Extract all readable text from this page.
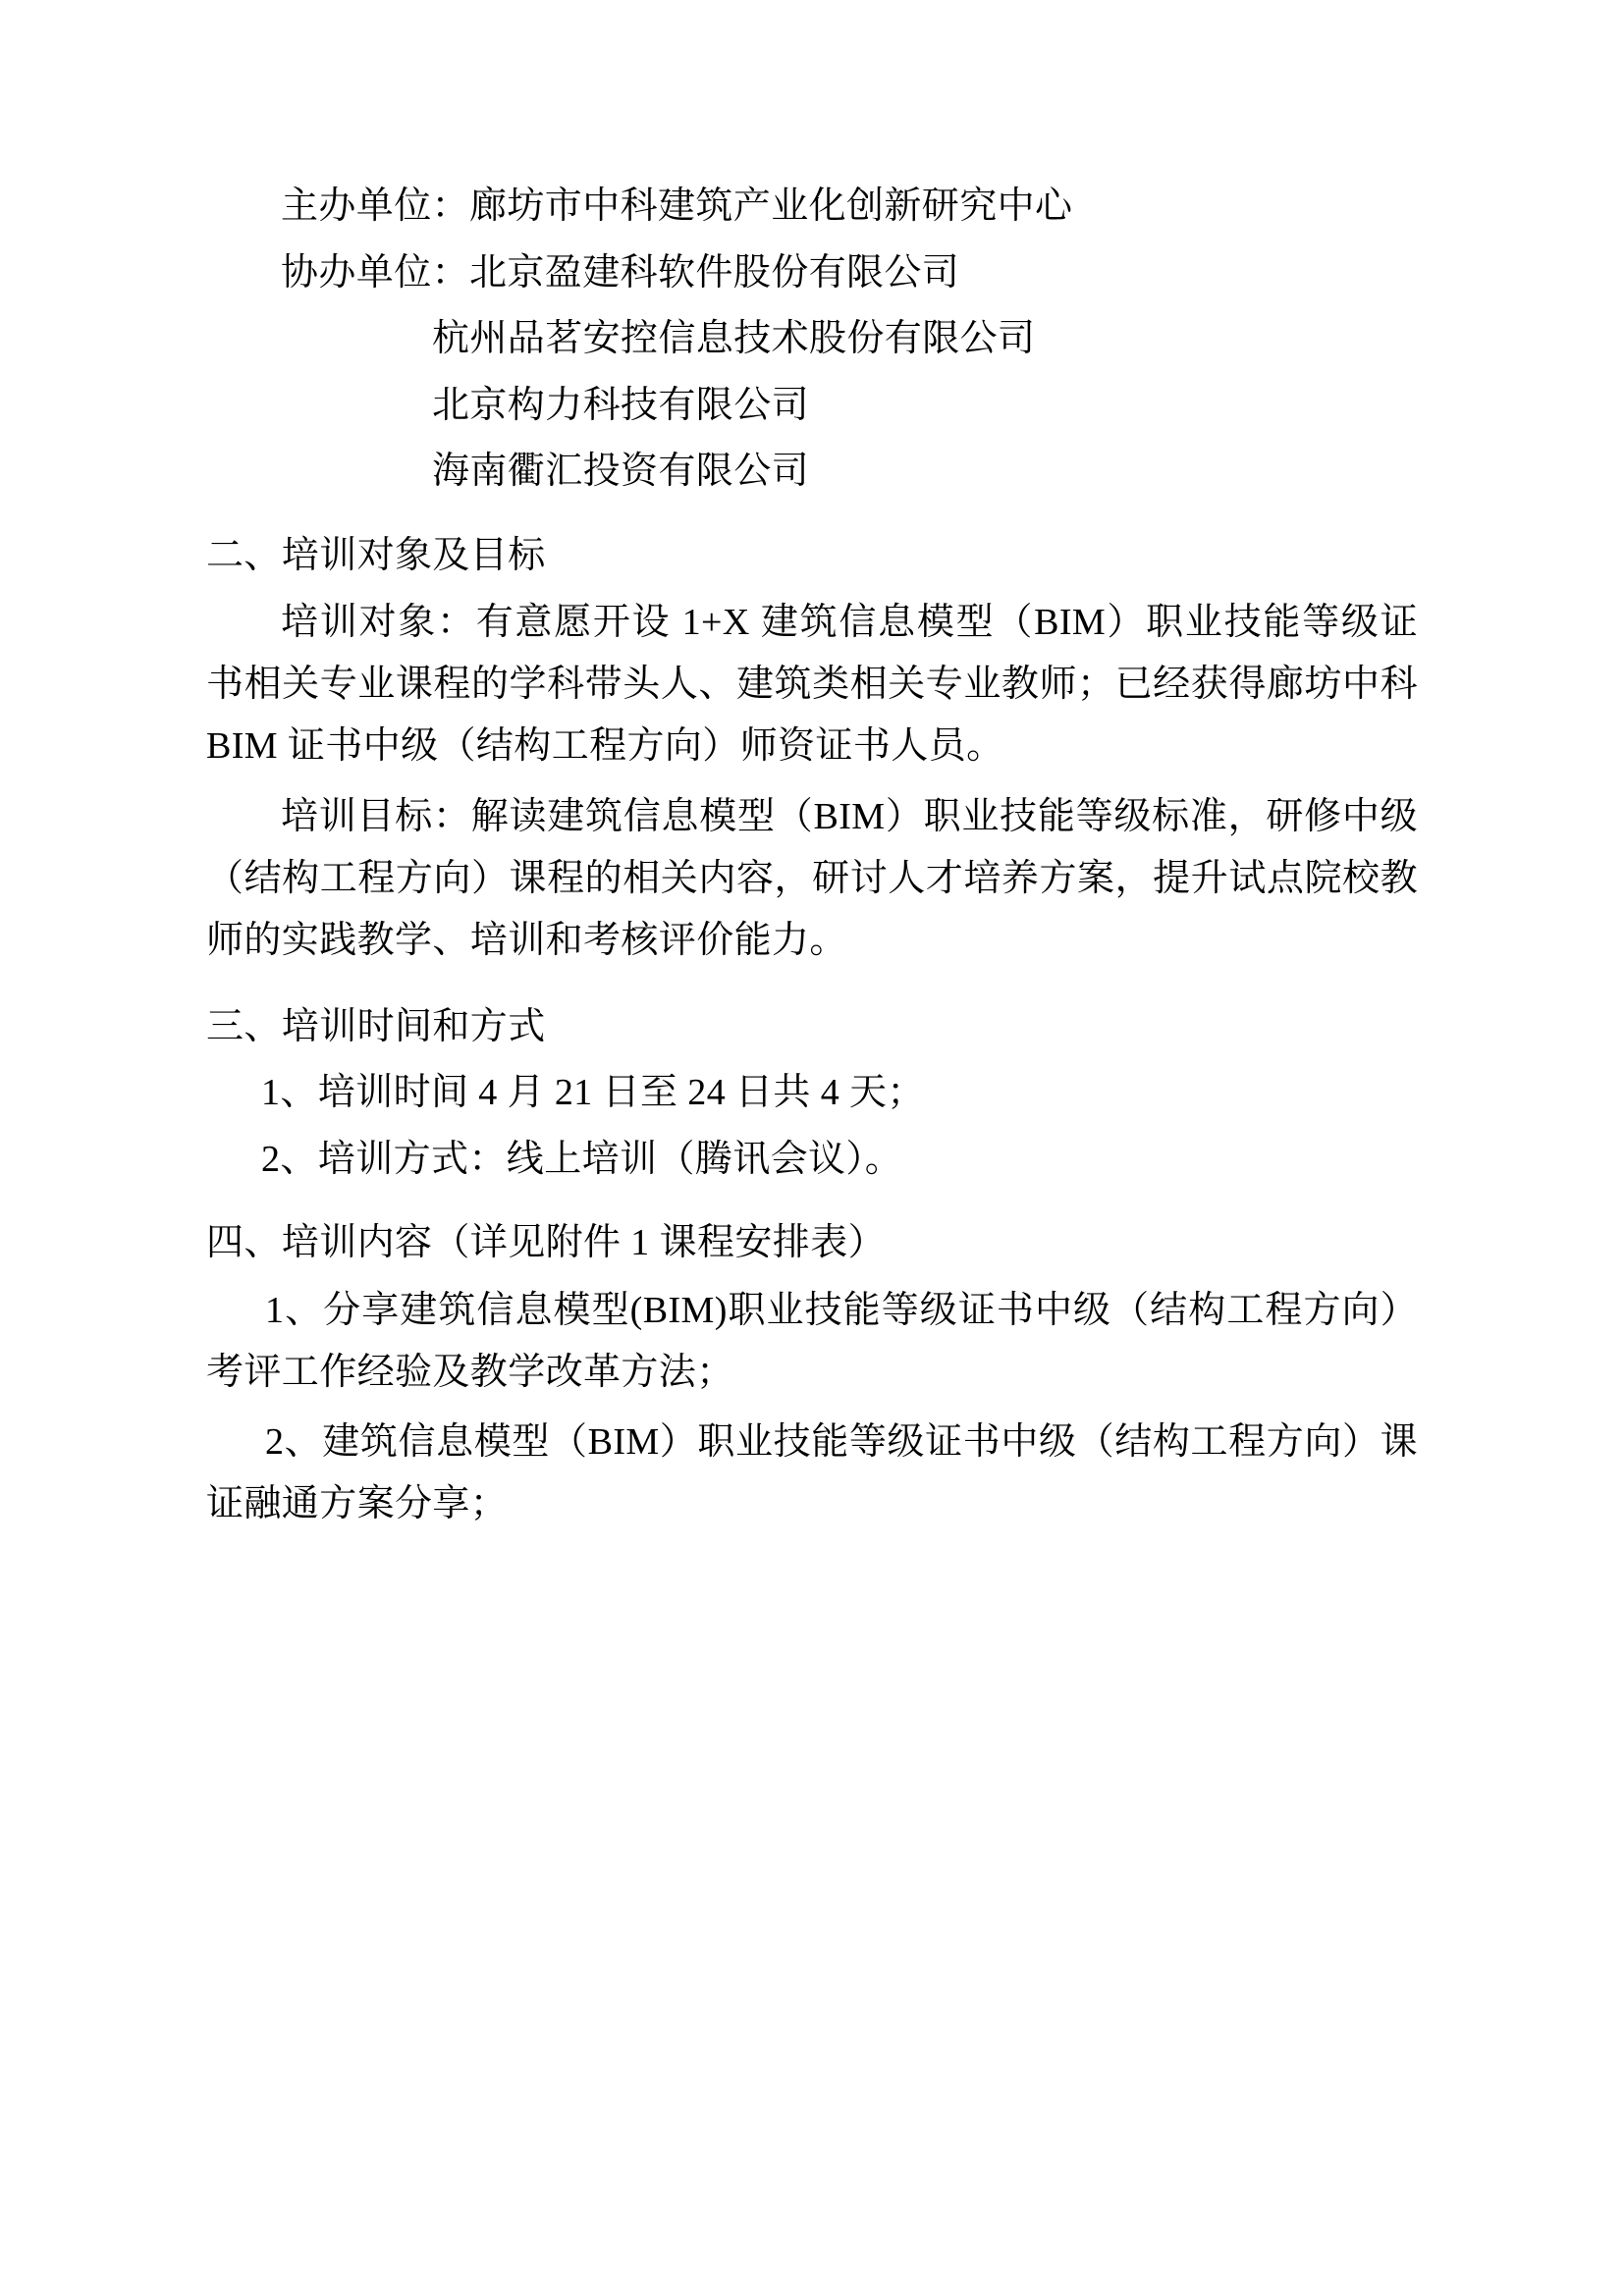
主办单位：廊坊市中科建筑产业化创新研究中心
协办单位：北京盈建科软件股份有限公司
杭州品茗安控信息技术股份有限公司
北京构力科技有限公司
海南衢汇投资有限公司
二、培训对象及目标
培训对象：有意愿开设 1+X 建筑信息模型（BIM）职业技能等级证书相关专业课程的学科带头人、建筑类相关专业教师；已经获得廊坊中科 BIM 证书中级（结构工程方向）师资证书人员。
培训目标：解读建筑信息模型（BIM）职业技能等级标准，研修中级（结构工程方向）课程的相关内容，研讨人才培养方案，提升试点院校教师的实践教学、培训和考核评价能力。
三、培训时间和方式
1、培训时间 4 月 21 日至 24 日共 4 天；
2、培训方式：线上培训（腾讯会议）。
四、培训内容（详见附件 1 课程安排表）
1、分享建筑信息模型(BIM)职业技能等级证书中级（结构工程方向）考评工作经验及教学改革方法；
2、建筑信息模型（BIM）职业技能等级证书中级（结构工程方向）课证融通方案分享；
